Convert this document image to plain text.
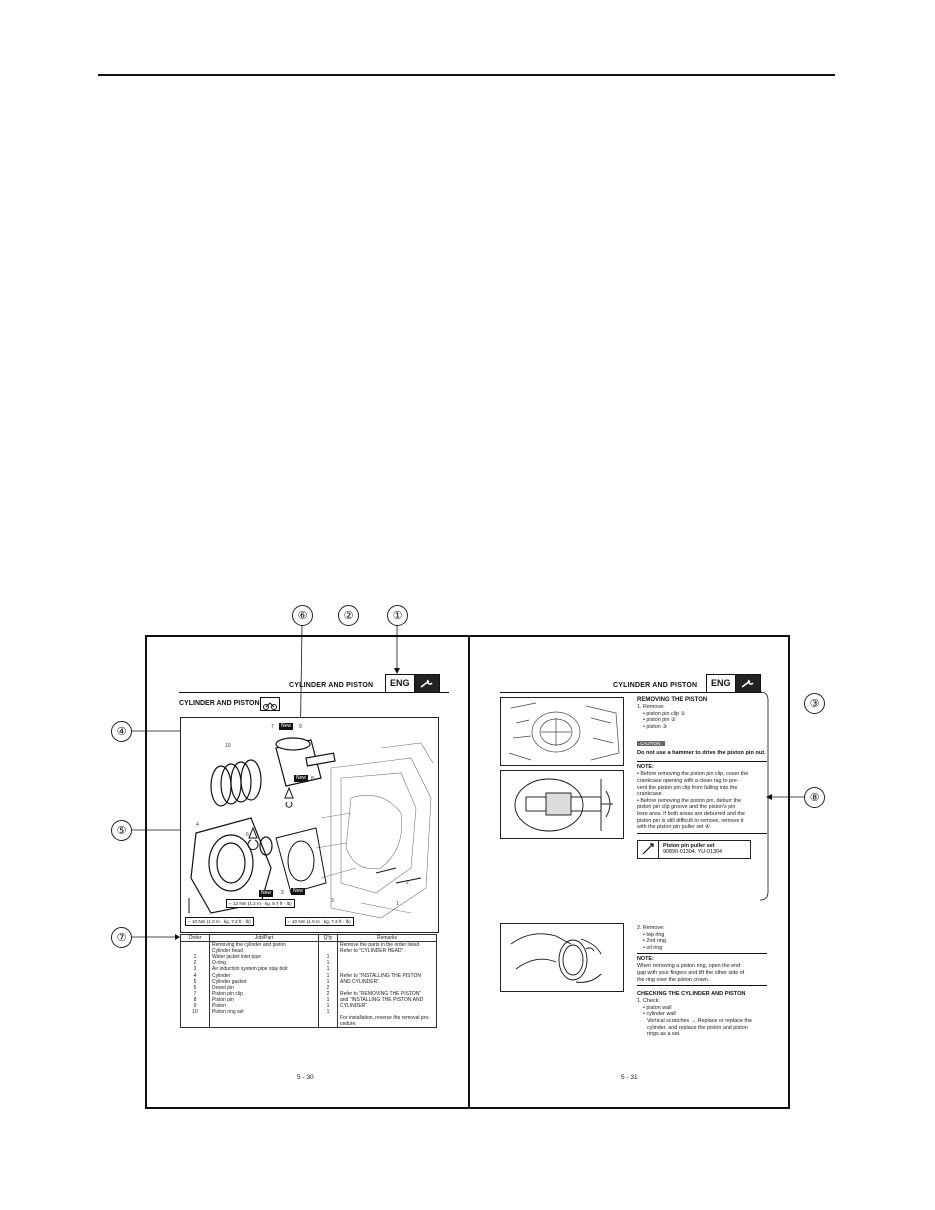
⑥	②	①
④
⑤
⑦
③
⑧
CYLINDER AND PISTON	ENG
CYLINDER AND PISTON
New
New
New	New
10
7	9
8
4
6
5
3
2
1
⌐ 12 Nm (1.2 m · kg, 8.7 ft · lb)
⌐ 10 Nm (1.0 m · kg, 7.2 ft · lb)	⌐ 10 Nm (1.0 m · kg, 7.2 ft · lb)
Order	Job/Part	Q'ty	Remarks
	Removing the cylinder and piston		Remove the parts in the order listed.
	Cylinder head		Refer to "CYLINDER HEAD".
1	Water jacket inlet pipe	1	
2	O-ring	1	
3	Air induction system pipe stay bolt	1	
4	Cylinder	1	Refer to "INSTALLING THE PISTON
5	Cylinder gasket	1	AND CYLINDER".
6	Dowel pin	2	
7	Piston pin clip	2	Refer to "REMOVING THE PISTON"
8	Piston pin	1	and "INSTALLING THE PISTON AND
9	Piston	1	CYLINDER".
10	Piston ring set	1	
			For installation, reverse the removal pro-
			cedure.
5 - 30
CYLINDER AND PISTON	ENG
REMOVING THE PISTON
1. Remove:
• piston pin clip ①
• piston pin ②
• piston ③
CAUTION:
Do not use a hammer to drive the piston pin out.
NOTE:
• Before removing the piston pin clip, cover the
crankcase opening with a clean rag to pre-
vent the piston pin clip from falling into the
crankcase.
• Before removing the piston pin, deburr the
piston pin clip groove and the piston's pin
bore area. If both areas are deburred and the
piston pin is still difficult to remove, remove it
with the piston pin puller set ④.
Piston pin puller set
90890-01304, YU-01304
2. Remove:
• top ring
• 2nd ring
• oil ring
NOTE:
When removing a piston ring, open the end
gap with your fingers and lift the other side of
the ring over the piston crown.
CHECKING THE CYLINDER AND PISTON
1. Check:
• piston wall
• cylinder wall
Vertical scratches → Replace or replace the
cylinder, and replace the piston and piston
rings as a set.
5 - 31
